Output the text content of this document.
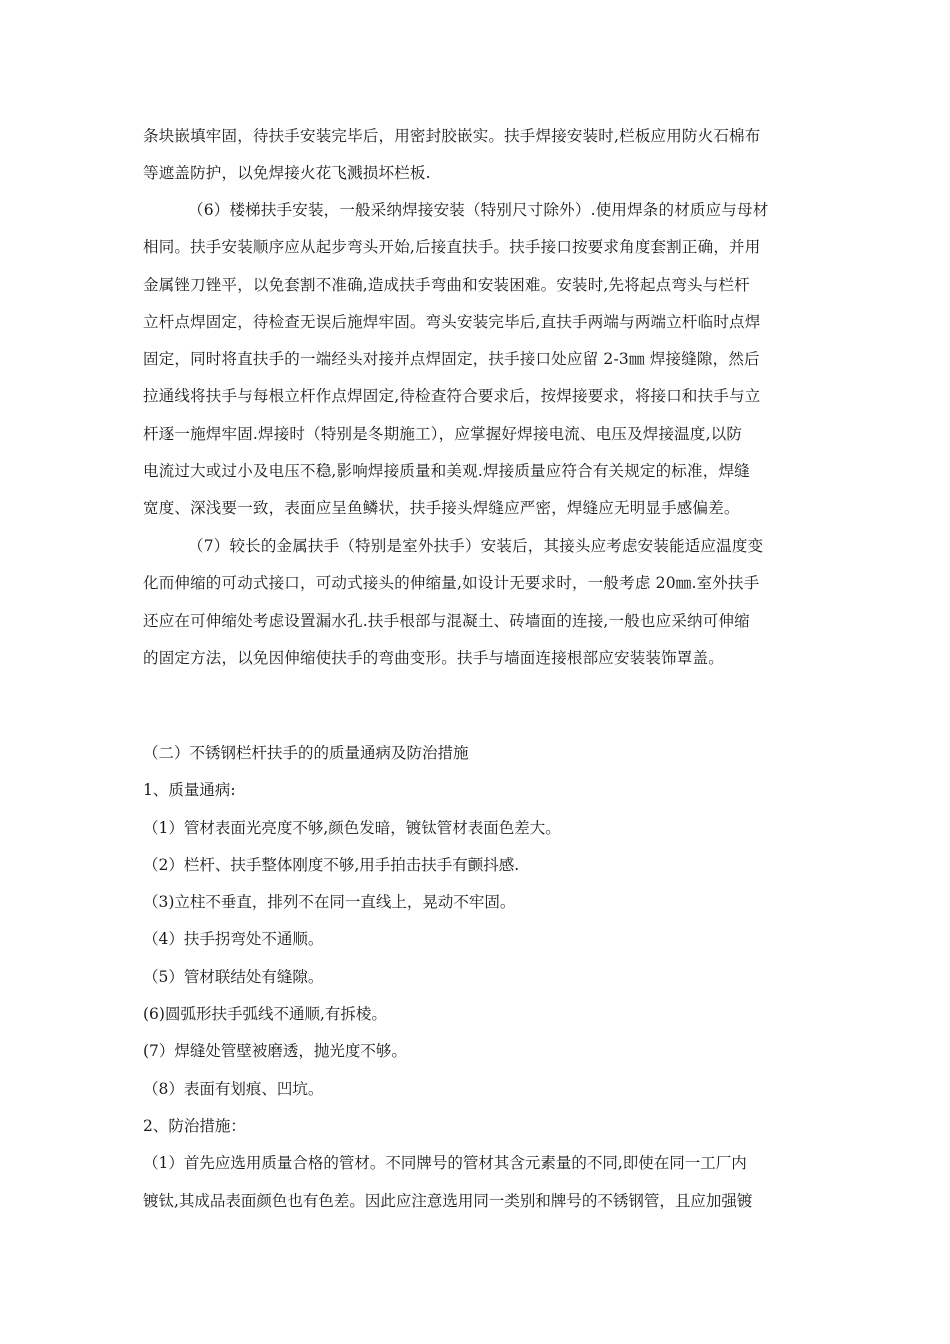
条块嵌填牢固，待扶手安装完毕后，用密封胶嵌实。扶手焊接安装时,栏板应用防火石棉布
等遮盖防护，以免焊接火花飞溅损坏栏板.
（6）楼梯扶手安装，一般采纳焊接安装（特别尺寸除外）.使用焊条的材质应与母材
相同。扶手安装顺序应从起步弯头开始,后接直扶手。扶手接口按要求角度套割正确，并用
金属锉刀锉平，以免套割不准确,造成扶手弯曲和安装困难。安装时,先将起点弯头与栏杆
立杆点焊固定，待检查无误后施焊牢固。弯头安装完毕后,直扶手两端与两端立杆临时点焊
固定，同时将直扶手的一端经头对接并点焊固定，扶手接口处应留 2-3㎜ 焊接缝隙，然后
拉通线将扶手与每根立杆作点焊固定,待检查符合要求后，按焊接要求，将接口和扶手与立
杆逐一施焊牢固.焊接时（特别是冬期施工），应掌握好焊接电流、电压及焊接温度,以防
电流过大或过小及电压不稳,影响焊接质量和美观.焊接质量应符合有关规定的标准，焊缝
宽度、深浅要一致，表面应呈鱼鳞状，扶手接头焊缝应严密，焊缝应无明显手感偏差。
（7）较长的金属扶手（特别是室外扶手）安装后，其接头应考虑安装能适应温度变
化而伸缩的可动式接口，可动式接头的伸缩量,如设计无要求时，一般考虑 20㎜.室外扶手
还应在可伸缩处考虑设置漏水孔.扶手根部与混凝土、砖墙面的连接,一般也应采纳可伸缩
的固定方法，以免因伸缩使扶手的弯曲变形。扶手与墙面连接根部应安装装饰罩盖。
（二）不锈钢栏杆扶手的的质量通病及防治措施
1、质量通病:
（1）管材表面光亮度不够,颜色发暗，镀钛管材表面色差大。
（2）栏杆、扶手整体刚度不够,用手拍击扶手有颤抖感.
（3)立柱不垂直，排列不在同一直线上，晃动不牢固。
（4）扶手拐弯处不通顺。
（5）管材联结处有缝隙。
(6)圆弧形扶手弧线不通顺,有拆棱。
(7）焊缝处管壁被磨透，抛光度不够。
（8）表面有划痕、凹坑。
2、防治措施：
（1）首先应选用质量合格的管材。不同牌号的管材其含元素量的不同,即使在同一工厂内
镀钛,其成品表面颜色也有色差。因此应注意选用同一类别和牌号的不锈钢管，且应加强镀
